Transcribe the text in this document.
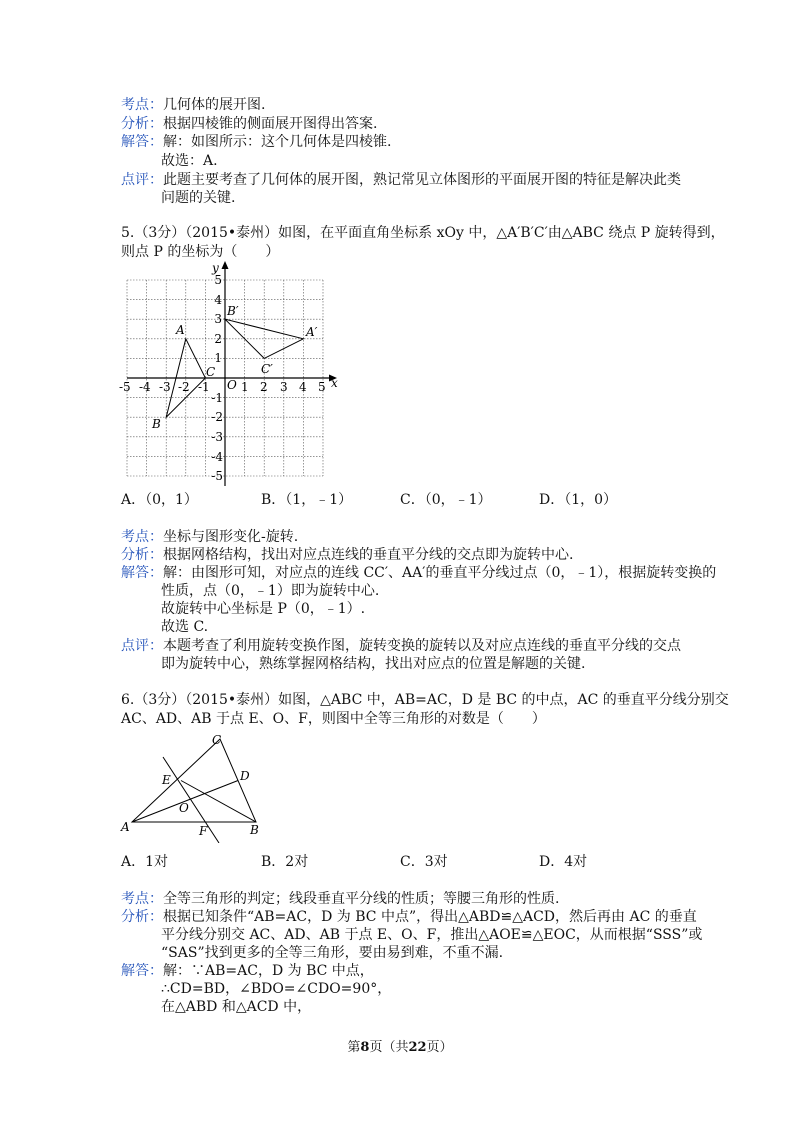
考点：几何体的展开图.
分析：根据四棱锥的侧面展开图得出答案.
解答：解：如图所示：这个几何体是四棱锥.
故选：A.
点评：此题主要考查了几何体的展开图，熟记常见立体图形的平面展开图的特征是解决此类
问题的关键.
5.（3分）（2015•泰州）如图，在平面直角坐标系 xOy 中，△A′B′C′由△ABC 绕点 P 旋转得到，
则点 P 的坐标为（　　）
x
y
O
-5 -4 -3 -2 -1	1 2 3 4 5
5
4
3
2
1
-1
-2
-3
-4
-5
A
B
C
A′
B′
C′
A．（0，1）	B．（1，﹣1）	C．（0，﹣1）	D．（1，0）
考点：坐标与图形变化-旋转.
分析：根据网格结构，找出对应点连线的垂直平分线的交点即为旋转中心.
解答：解：由图形可知，对应点的连线 CC′、AA′的垂直平分线过点（0，﹣1），根据旋转变换的
性质，点（0，﹣1）即为旋转中心.
故旋转中心坐标是 P（0，﹣1）.
故选 C.
点评：本题考查了利用旋转变换作图，旋转变换的旋转以及对应点连线的垂直平分线的交点
即为旋转中心，熟练掌握网格结构，找出对应点的位置是解题的关键.
6.（3分）（2015•泰州）如图，△ABC 中，AB=AC，D 是 BC 的中点，AC 的垂直平分线分别交
AC、AD、AB 于点 E、O、F，则图中全等三角形的对数是（　　）
A	B
C
D
E
F
O
A．1对	B．2对	C．3对	D．4对
考点：全等三角形的判定；线段垂直平分线的性质；等腰三角形的性质.
分析：根据已知条件“AB=AC，D 为 BC 中点”，得出△ABD≌△ACD，然后再由 AC 的垂直
平分线分别交 AC、AD、AB 于点 E、O、F，推出△AOE≌△EOC，从而根据“SSS”或
“SAS”找到更多的全等三角形，要由易到难，不重不漏.
解答：解：∵AB=AC，D 为 BC 中点，
∴CD=BD，∠BDO=∠CDO=90°，
在△ABD 和△ACD 中，
第8页（共22页）
